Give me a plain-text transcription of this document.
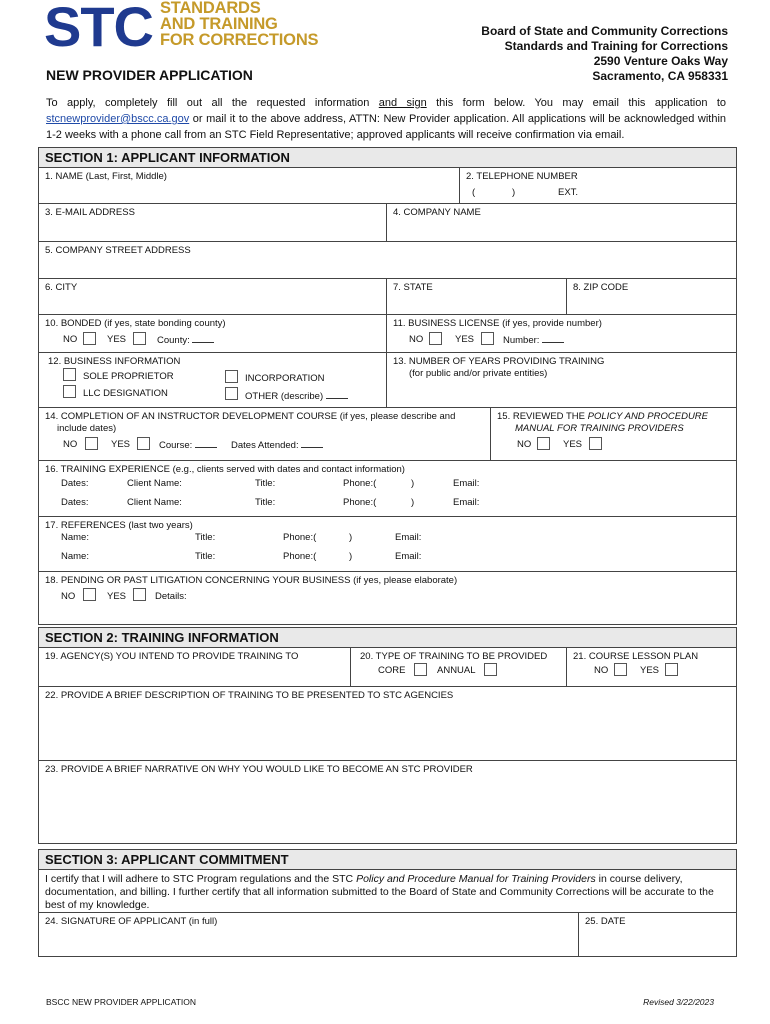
STC STANDARDS
AND TRAINING
FOR CORRECTIONS	Board of State and Community Corrections
Standards and Training for Corrections
2590 Venture Oaks Way
Sacramento, CA 958331
NEW PROVIDER APPLICATION
To apply, completely fill out all the requested information and sign this form below. You may email this application to stcnewprovider@bscc.ca.gov or mail it to the above address, ATTN: New Provider application. All applications will be acknowledged within 1-2 weeks with a phone call from an STC Field Representative; approved applicants will receive confirmation via email.
SECTION 1: APPLICANT INFORMATION
1. NAME (Last, First, Middle)	2. TELEPHONE NUMBER
(	)	EXT.
3. E-MAIL ADDRESS	4. COMPANY NAME
5. COMPANY STREET ADDRESS
6. CITY	7. STATE	8. ZIP CODE
10. BONDED (if yes, state bonding county)
NO	YES	County:
11. BUSINESS LICENSE (if yes, provide number)
NO	YES	Number:
12. BUSINESS INFORMATION
SOLE PROPRIETOR	INCORPORATION
LLC DESIGNATION	OTHER (describe)
13. NUMBER OF YEARS PROVIDING TRAINING
(for public and/or private entities)
14. COMPLETION OF AN INSTRUCTOR DEVELOPMENT COURSE (if yes, please describe and
include dates)
NO	YES	Course:	Dates Attended:
15. REVIEWED THE POLICY AND PROCEDURE
MANUAL FOR TRAINING PROVIDERS
NO	YES
16. TRAINING EXPERIENCE (e.g., clients served with dates and contact information)
Dates:	Client Name:	Title:	Phone:(	)	Email:
Dates:	Client Name:	Title:	Phone:(	)	Email:
17. REFERENCES (last two years)
Name:	Title:	Phone:(	)	Email:
Name:	Title:	Phone:(	)	Email:
18. PENDING OR PAST LITIGATION CONCERNING YOUR BUSINESS (if yes, please elaborate)
NO	YES	Details:
SECTION 2: TRAINING INFORMATION
19. AGENCY(S) YOU INTEND TO PROVIDE TRAINING TO	20. TYPE OF TRAINING TO BE PROVIDED
CORE	ANNUAL
21. COURSE LESSON PLAN
NO	YES
22. PROVIDE A BRIEF DESCRIPTION OF TRAINING TO BE PRESENTED TO STC AGENCIES
23. PROVIDE A BRIEF NARRATIVE ON WHY YOU WOULD LIKE TO BECOME AN STC PROVIDER
SECTION 3: APPLICANT COMMITMENT
I certify that I will adhere to STC Program regulations and the STC Policy and Procedure Manual for Training Providers in course delivery, documentation, and billing. I further certify that all information submitted to the Board of State and Community Corrections will be accurate to the best of my knowledge.
24. SIGNATURE OF APPLICANT (in full)	25. DATE
BSCC NEW PROVIDER APPLICATION	Revised 3/22/2023
